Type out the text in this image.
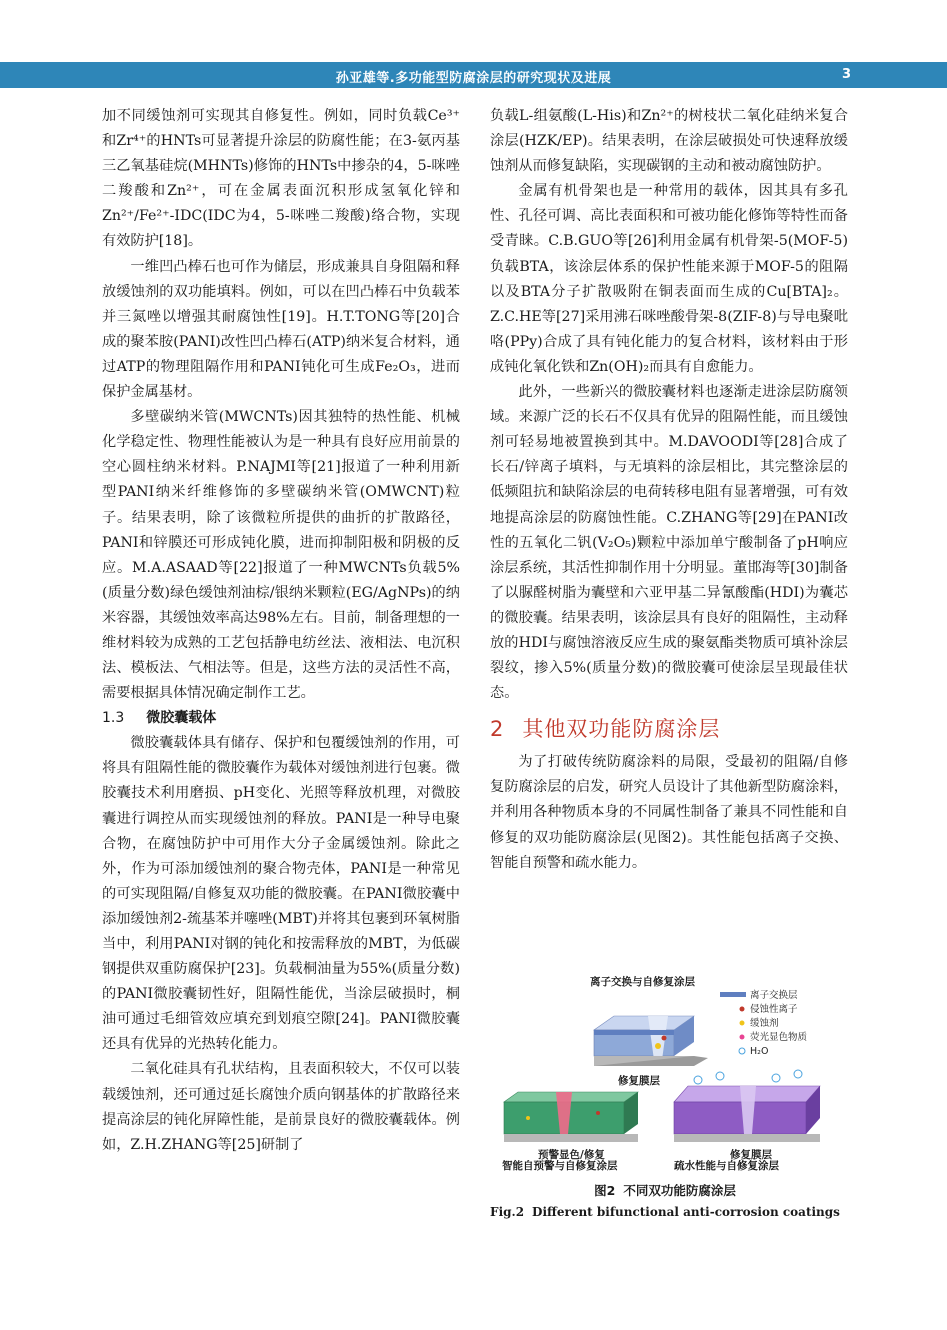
孙亚雄等.多功能型防腐涂层的研究现状及进展	3

加不同缓蚀剂可实现其自修复性。例如，同时负载Ce³⁺和Zr⁴⁺的HNTs可显著提升涂层的防腐性能；在3-氨丙基三乙氧基硅烷(MHNTs)修饰的HNTs中掺杂的4，5-咪唑二羧酸和Zn²⁺，可在金属表面沉积形成氢氧化锌和Zn²⁺/Fe²⁺-IDC(IDC为4，5-咪唑二羧酸)络合物，实现有效防护[18]。

一维凹凸棒石也可作为储层，形成兼具自身阻隔和释放缓蚀剂的双功能填料。例如，可以在凹凸棒石中负载苯并三氮唑以增强其耐腐蚀性[19]。H.T.TONG等[20]合成的聚苯胺(PANI)改性凹凸棒石(ATP)纳米复合材料，通过ATP的物理阻隔作用和PANI钝化可生成Fe₂O₃，进而保护金属基材。

多壁碳纳米管(MWCNTs)因其独特的热性能、机械化学稳定性、物理性能被认为是一种具有良好应用前景的空心圆柱纳米材料。P.NAJMI等[21]报道了一种利用新型PANI纳米纤维修饰的多壁碳纳米管(OMWCNT)粒子。结果表明，除了该微粒所提供的曲折的扩散路径，PANI和锌膜还可形成钝化膜，进而抑制阳极和阴极的反应。M.A.ASAAD等[22]报道了一种MWCNTs负载5%(质量分数)绿色缓蚀剂油棕/银纳米颗粒(EG/AgNPs)的纳米容器，其缓蚀效率高达98%左右。目前，制备理想的一维材料较为成熟的工艺包括静电纺丝法、液相法、电沉积法、模板法、气相法等。但是，这些方法的灵活性不高，需要根据具体情况确定制作工艺。

1.3 微胶囊载体

微胶囊载体具有储存、保护和包覆缓蚀剂的作用，可将具有阻隔性能的微胶囊作为载体对缓蚀剂进行包裹。微胶囊技术利用磨损、pH变化、光照等释放机理，对微胶囊进行调控从而实现缓蚀剂的释放。PANI是一种导电聚合物，在腐蚀防护中可用作大分子金属缓蚀剂。除此之外，作为可添加缓蚀剂的聚合物壳体，PANI是一种常见的可实现阻隔/自修复双功能的微胶囊。在PANI微胶囊中添加缓蚀剂2-巯基苯并噻唑(MBT)并将其包裹到环氧树脂当中，利用PANI对钢的钝化和按需释放的MBT，为低碳钢提供双重防腐保护[23]。负载桐油量为55%(质量分数)的PANI微胶囊韧性好，阻隔性能优，当涂层破损时，桐油可通过毛细管效应填充到划痕空隙[24]。PANI微胶囊还具有优异的光热转化能力。

二氧化硅具有孔状结构，且表面积较大，不仅可以装载缓蚀剂，还可通过延长腐蚀介质向钢基体的扩散路径来提高涂层的钝化屏障性能，是前景良好的微胶囊载体。例如，Z.H.ZHANG等[25]研制了

负载L-组氨酸(L-His)和Zn²⁺的树枝状二氧化硅纳米复合涂层(HZK/EP)。结果表明，在涂层破损处可快速释放缓蚀剂从而修复缺陷，实现碳钢的主动和被动腐蚀防护。

金属有机骨架也是一种常用的载体，因其具有多孔性、孔径可调、高比表面积和可被功能化修饰等特性而备受青睐。C.B.GUO等[26]利用金属有机骨架-5(MOF-5)负载BTA，该涂层体系的保护性能来源于MOF-5的阻隔以及BTA分子扩散吸附在铜表面而生成的Cu[BTA]₂。Z.C.HE等[27]采用沸石咪唑酸骨架-8(ZIF-8)与导电聚吡咯(PPy)合成了具有钝化能力的复合材料，该材料由于形成钝化氧化铁和Zn(OH)₂而具有自愈能力。

此外，一些新兴的微胶囊材料也逐渐走进涂层防腐领域。来源广泛的长石不仅具有优异的阻隔性能，而且缓蚀剂可轻易地被置换到其中。M.DAVOODI等[28]合成了长石/锌离子填料，与无填料的涂层相比，其完整涂层的低频阻抗和缺陷涂层的电荷转移电阻有显著增强，可有效地提高涂层的防腐蚀性能。C.ZHANG等[29]在PANI改性的五氧化二钒(V₂O₅)颗粒中添加单宁酸制备了pH响应涂层系统，其活性抑制作用十分明显。董邯海等[30]制备了以脲醛树脂为囊壁和六亚甲基二异氰酸酯(HDI)为囊芯的微胶囊。结果表明，该涂层具有良好的阻隔性，主动释放的HDI与腐蚀溶液反应生成的聚氨酯类物质可填补涂层裂纹，掺入5%(质量分数)的微胶囊可使涂层呈现最佳状态。

2 其他双功能防腐涂层

为了打破传统防腐涂料的局限，受最初的阻隔/自修复防腐涂层的启发，研究人员设计了其他新型防腐涂料，并利用各种物质本身的不同属性制备了兼具不同性能和自修复的双功能防腐涂层(见图2)。其性能包括离子交换、智能自预警和疏水能力。

离子交换与自修复涂层
离子交换层
侵蚀性离子
缓蚀剂
荧光显色物质
H₂O
修复膜层
预警显色/修复	修复膜层
智能自预警与自修复涂层	疏水性能与自修复涂层
图2 不同双功能防腐涂层
Fig.2 Different bifunctional anti-corrosion coatings
